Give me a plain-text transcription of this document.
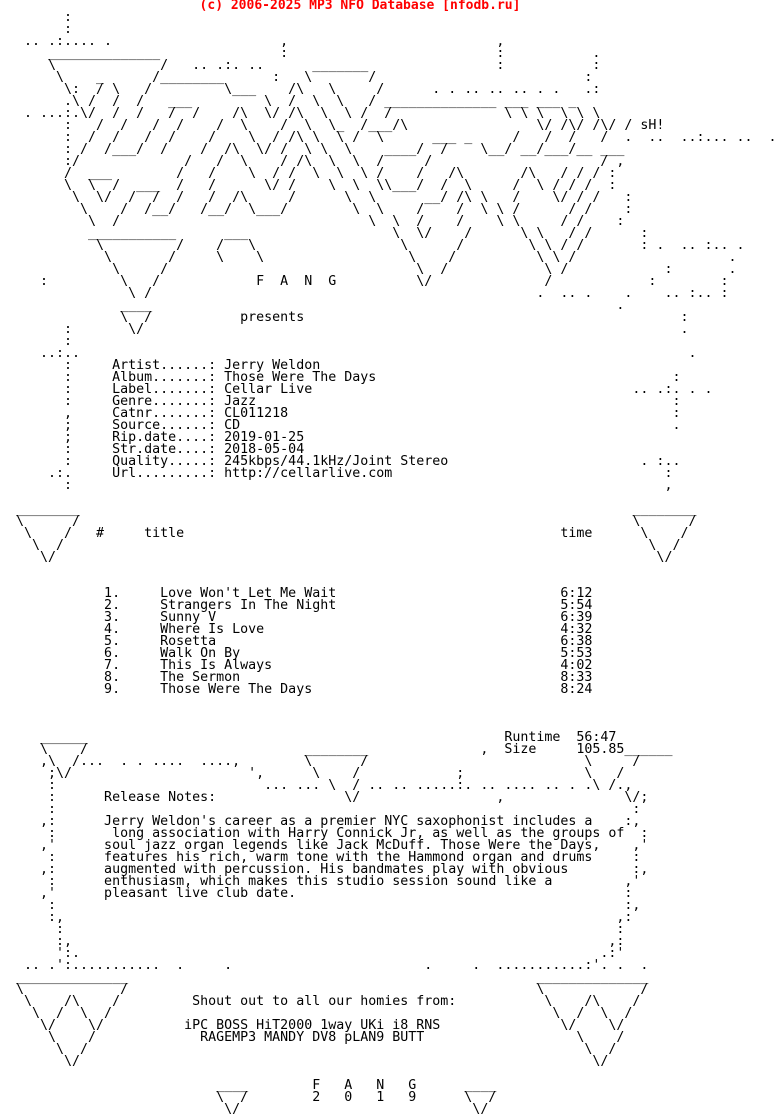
(c) 2006-2025 MP3 NFO Database [nfodb.ru]
:
:
.. .:.... .                     ,                          ,
______________               :                          :           .
\             /   .. .:. ..      _______                :           :
\    _      /________      :   \       /                          :
\:  / \   /         \___    /\   \     /      . . .. .. .. . .   .:
.\ /  /  /   ___         \  /  \  \   / ______________ ___ ___ _
. ...:.\/  /  /   /  /    /\  \/ /\  \  \ /  /              \ \ \  \ \ \
:   /  /   /  /    /  \    /  \  \_  /___/\                \/ /\/ /\/ / sH!
:  /  /   /  /    /    \  / /\ \  \ /  \      ___ _     /   /  /   /  .  ..  ..:... ..  .
: /  /___/  /    /  /\  \/ /  \ \  \    ____/  /    \__/ __/___/__ ___
:/             /   /  \    / /\  \  \  /     /                     / ,
/  ___        /   /    \  / /  \  \  \ /    /   /\       /\   / / / :
\  \  /  ___  /   /      \/ /    \  \  \\___/  /  \     /  \ / / /  :
\  \/  /  /  /   /  /\     /      \  \      __/ /\ \   /    \/ / /   :
\    /  /__/   /__/  \___/        \  \    /    /  \ \ /      / /    :
\  /                               \  \  /    /    \ \     / /    :
___________      ___                  \  \/    /      \ \   / /      :
\         /    /   \                  \      /        \ \ / /       : .  .. :.. .
\       /     \    \                  \    /          \ \ /                   .
\     /                               \  /            \ /            :       .
:         \   /            F  A  N  G          \/              /            :        :
\ /                                                .  .. .    .    .. :.. :
____                                                          .
\  /           presents                                               :
:       \/                                                                   .
:
..:..                                                                            .
:     Artist......: Jerry Weldon
:     Album.......: Those Were The Days                                     :
:     Label.......: Cellar Live                                        .. .:. . .
:     Genre.......: Jazz                                                    :
,     Catnr.......: CL011218                                                :
;     Source......: CD                                                      .
;     Rip.date....: 2019-01-25
:     Str.date....: 2018-05-04
:     Quality.....: 245kbps/44.1kHz/Joint Stereo                        . :..
.:.     Url.........: http://cellarlive.com                                  :
:                                                                          ,
________                                                                     ________
\      /                                                                     \      /
\    /   #     title                                               time      \    /
\  /                                                                         \  /
\/                                                                           \/
1.     Love Won't Let Me Wait                            6:12
2.     Strangers In The Night                            5:54
3.     Sunny V                                           6:39
4.     Where Is Love                                     4:32
5.     Rosetta                                           6:38
6.     Walk On By                                        5:53
7.     This Is Always                                    4:02
8.     The Sermon                                        8:33
9.     Those Were The Days                               8:24
______                                                    Runtime  56:47
\    /                           ________              ,  Size     105.85______
,\  /...  . . ....  ....,        \      /                           \     /
;\/                      ',      \    /            ;               \   /
:                          ... ... \  / .. .. .....:. .. .... .. . .\ /.,
:      Release Notes:                \/                 ,               \/;
:                                                                        :
,:      Jerry Weldon's career as a premier NYC saxophonist includes a    :,
:       long association with Harry Connick Jr, as well as the groups of  :
,'      soul jazz organ legends like Jack McDuff. Those Were the Days,    ,'
:      features his rich, warm tone with the Hammond organ and drums     :
,:      augmented with percussion. His bandmates play with obvious        :,
:      enthusiasm, which makes this studio session sound like a         ,'
,'      pleasant live club date.                                         :
:                                                                       :,
:,                                                                     ,:
:                                                                     :
:,                                                                   ,:
':.                                                                 .:'
.. .':...........  .     .                        .     .  ...........:'. .  .
______________                                                   ______________
\            /                                                   \            /
\    /\    /         Shout out to all our homies from:           \    /\    /
\  /  \  /                                                       \  /  \  /
\/    \/          iPC BOSS HiT2000 1way UKi i8 RNS               \/    \/
\    /             RAGEMP3 MANDY DV8 pLAN9 BUTT                   \    /
\  /                                                              \  /
\/                                                                \/
____        F   A   N   G      ____
\  /        2   0   1   9      \  /
\/                             \/
